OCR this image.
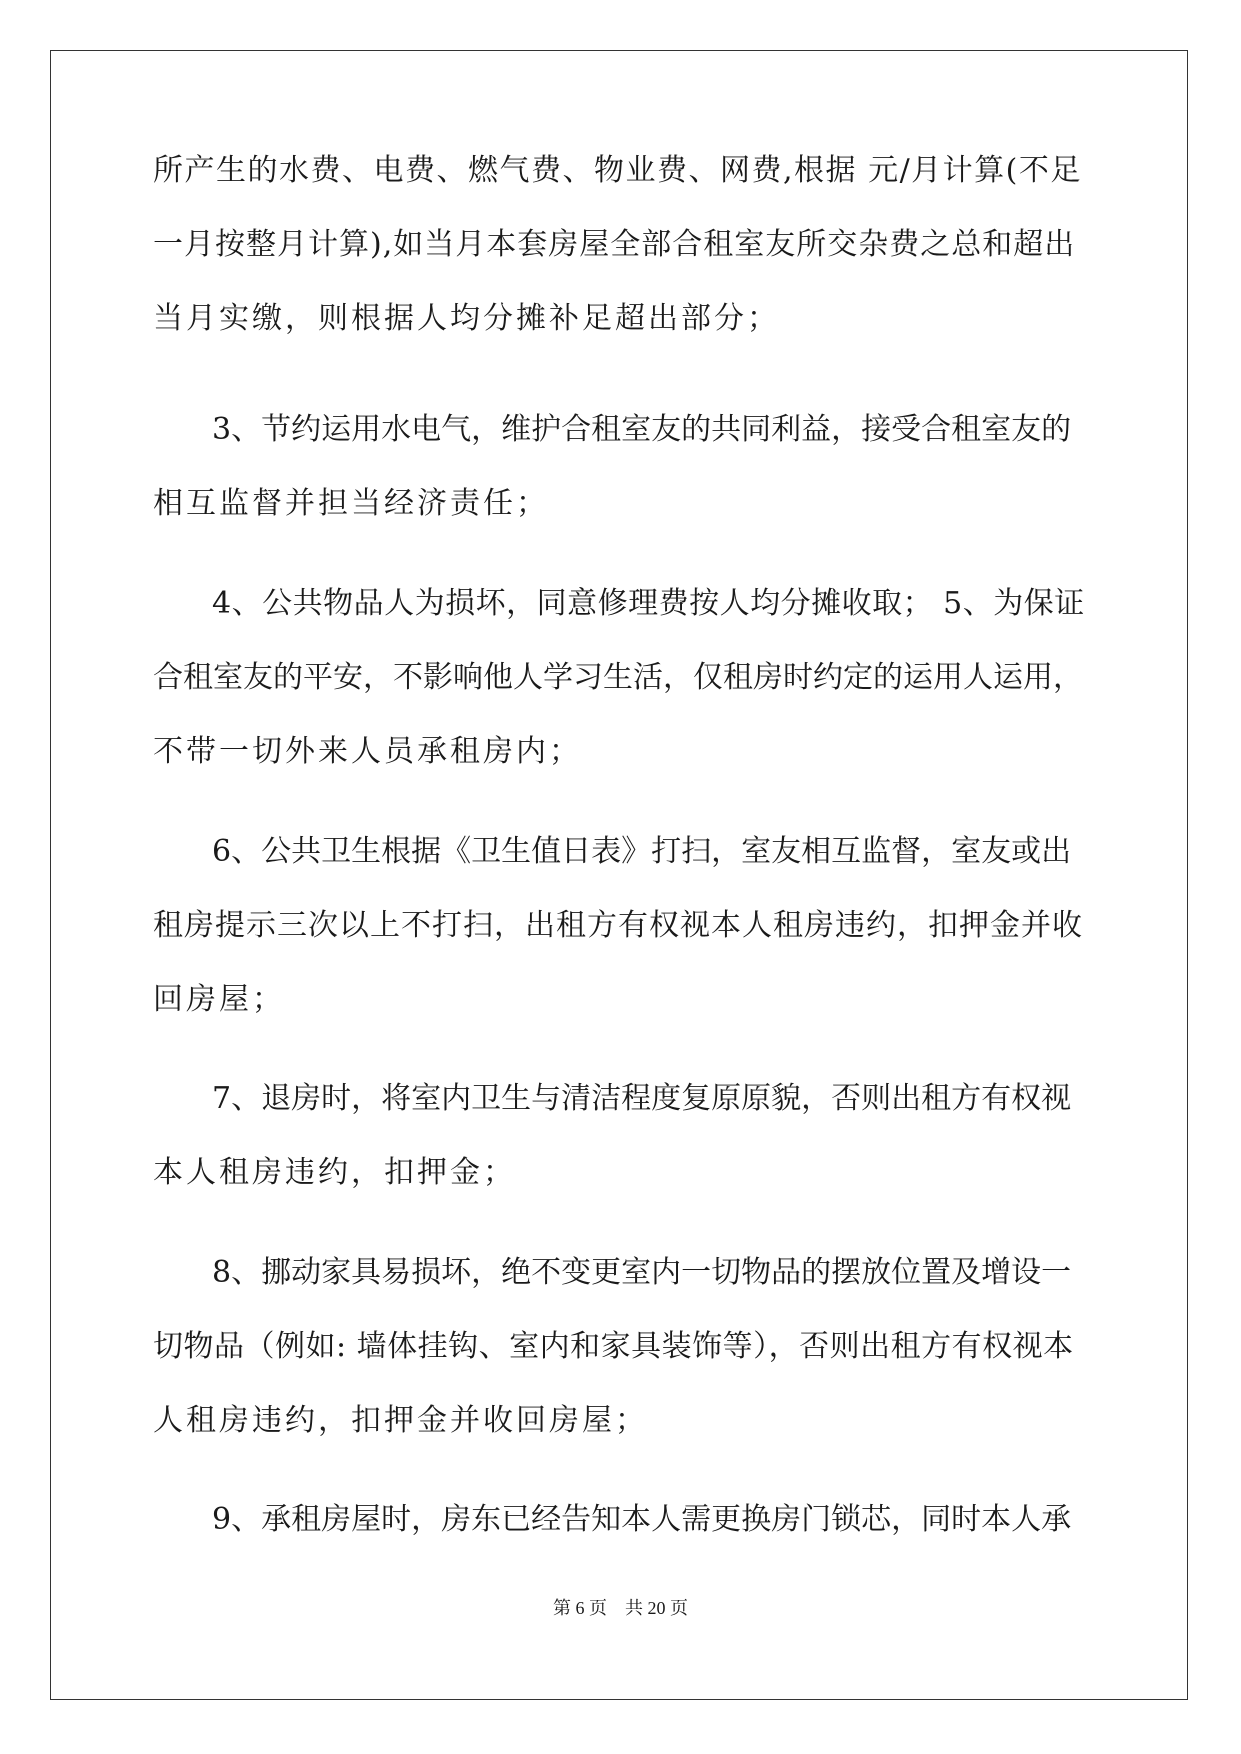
所产生的水费、电费、燃气费、物业费、网费,根据 元/月计算(不足
一月按整月计算),如当月本套房屋全部合租室友所交杂费之总和超出
当月实缴，则根据人均分摊补足超出部分；
3、节约运用水电气，维护合租室友的共同利益，接受合租室友的
相互监督并担当经济责任；
4、公共物品人为损坏，同意修理费按人均分摊收取； 5、为保证
合租室友的平安，不影响他人学习生活，仅租房时约定的运用人运用，
不带一切外来人员承租房内；
6、公共卫生根据《卫生值日表》打扫，室友相互监督，室友或出
租房提示三次以上不打扫，出租方有权视本人租房违约，扣押金并收
回房屋；
7、退房时，将室内卫生与清洁程度复原原貌，否则出租方有权视
本人租房违约，扣押金；
8、挪动家具易损坏，绝不变更室内一切物品的摆放位置及增设一
切物品（例如: 墙体挂钩、室内和家具装饰等），否则出租方有权视本
人租房违约，扣押金并收回房屋；
9、承租房屋时，房东已经告知本人需更换房门锁芯，同时本人承
第 6 页    共 20 页
